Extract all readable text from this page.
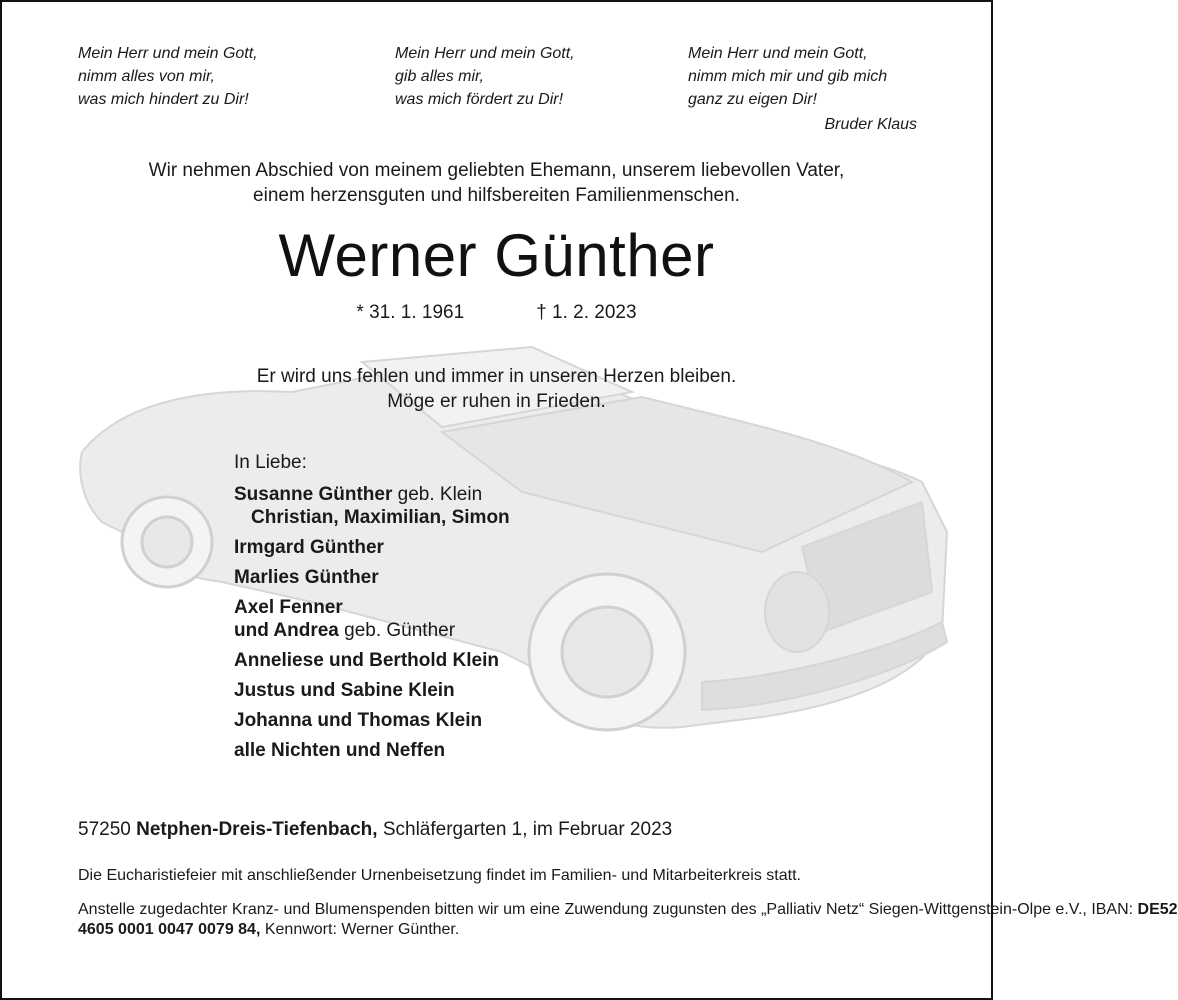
Mein Herr und mein Gott,
nimm alles von mir,
was mich hindert zu Dir!
Mein Herr und mein Gott,
gib alles mir,
was mich fördert zu Dir!
Mein Herr und mein Gott,
nimm mich mir und gib mich
ganz zu eigen Dir!
Bruder Klaus
Wir nehmen Abschied von meinem geliebten Ehemann, unserem liebevollen Vater,
einem herzensguten und hilfsbereiten Familienmenschen.
Werner Günther
* 31. 1. 1961	† 1. 2. 2023
Er wird uns fehlen und immer in unseren Herzen bleiben.
Möge er ruhen in Frieden.
In Liebe:
Susanne Günther geb. Klein
Christian, Maximilian, Simon
Irmgard Günther
Marlies Günther
Axel Fenner
und Andrea geb. Günther
Anneliese und Berthold Klein
Justus und Sabine Klein
Johanna und Thomas Klein
alle Nichten und Neffen
57250 Netphen-Dreis-Tiefenbach, Schläfergarten 1, im Februar 2023
Die Eucharistiefeier mit anschließender Urnenbeisetzung findet im Familien- und Mitarbeiterkreis statt.
Anstelle zugedachter Kranz- und Blumenspenden bitten wir um eine Zuwendung zugunsten des „Palliativ Netz“ Siegen-Wittgenstein-Olpe e.V., IBAN: DE52 4605 0001 0047 0079 84, Kennwort: Werner Günther.
